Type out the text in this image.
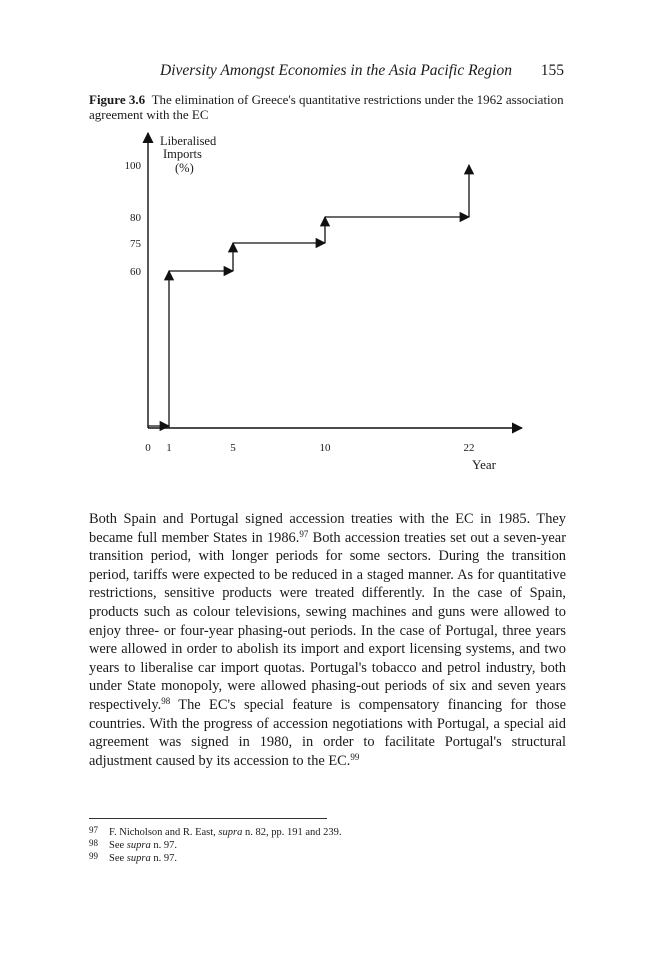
Diversity Amongst Economies in the Asia Pacific Region 155
Figure 3.6 The elimination of Greece's quantitative restrictions under the 1962 association agreement with the EC
Liberalised
Imports
(%)
100
80
75
60
0 1	5	10	22
Year
Both Spain and Portugal signed accession treaties with the EC in 1985. They became full member States in 1986.97 Both accession treaties set out a seven-year transition period, with longer periods for some sectors. During the transition period, tariffs were expected to be reduced in a staged manner. As for quantitative restrictions, sensitive products were treated differently. In the case of Spain, products such as colour televisions, sewing machines and guns were allowed to enjoy three- or four-year phasing-out periods. In the case of Portugal, three years were allowed in order to abolish its import and export licensing systems, and two years to liberalise car import quotas. Portugal's tobacco and petrol industry, both under State monopoly, were allowed phasing-out periods of six and seven years respectively.$^{98}$ The EC's special feature is compensatory financing for those countries. With the progress of accession negotiations with Portugal, a special aid agreement was signed in 1980, in order to facilitate Portugal's structural adjustment caused by its accession to the EC.$^{99}$
97	F. Nicholson and R. East, supra n. 82, pp. 191 and 239.
98	See supra n. 97.
99	See supra n. 97.
